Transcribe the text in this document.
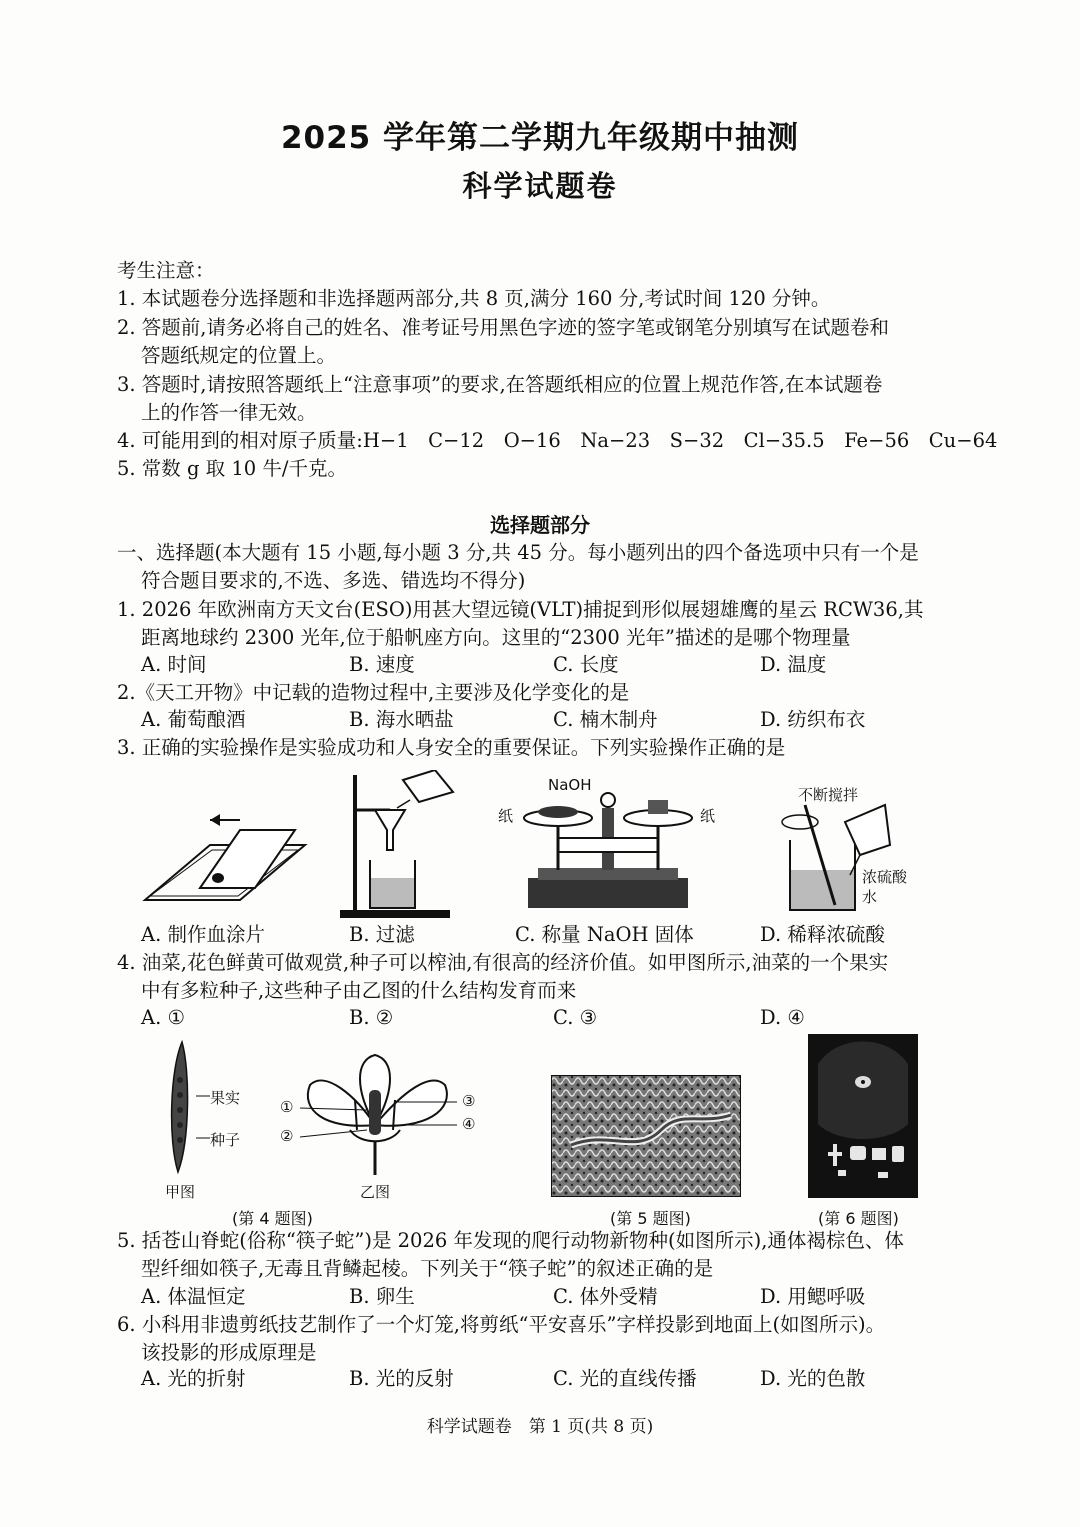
2025 学年第二学期九年级期中抽测
科学试题卷
考生注意：
1. 本试题卷分选择题和非选择题两部分,共 8 页,满分 160 分,考试时间 120 分钟。
2. 答题前,请务必将自己的姓名、准考证号用黑色字迹的签字笔或钢笔分别填写在试题卷和
答题纸规定的位置上。
3. 答题时,请按照答题纸上“注意事项”的要求,在答题纸相应的位置上规范作答,在本试题卷
上的作答一律无效。
4. 可能用到的相对原子质量:H−1　C−12　O−16　Na−23　S−32　Cl−35.5　Fe−56　Cu−64
5. 常数 g 取 10 牛/千克。
选择题部分
一、选择题(本大题有 15 小题,每小题 3 分,共 45 分。每小题列出的四个备选项中只有一个是
符合题目要求的,不选、多选、错选均不得分)
1. 2026 年欧洲南方天文台(ESO)用甚大望远镜(VLT)捕捉到形似展翅雄鹰的星云 RCW36,其
距离地球约 2300 光年,位于船帆座方向。这里的“2300 光年”描述的是哪个物理量
A. 时间	B. 速度	C. 长度	D. 温度
2.《天工开物》中记载的造物过程中,主要涉及化学变化的是
A. 葡萄酿酒	B. 海水晒盐	C. 楠木制舟	D. 纺织布衣
3. 正确的实验操作是实验成功和人身安全的重要保证。下列实验操作正确的是
NaOH
纸	纸
不断搅拌
浓硫酸
水
A. 制作血涂片	B. 过滤	C. 称量 NaOH 固体	D. 稀释浓硫酸
4. 油菜,花色鲜黄可做观赏,种子可以榨油,有很高的经济价值。如甲图所示,油菜的一个果实
中有多粒种子,这些种子由乙图的什么结构发育而来
A. ①	B. ②	C. ③	D. ④
果实
种子
甲图
①
②
③
④
乙图
(第 4 题图)	(第 5 题图)	(第 6 题图)
5. 括苍山脊蛇(俗称“筷子蛇”)是 2026 年发现的爬行动物新物种(如图所示),通体褐棕色、体
型纤细如筷子,无毒且背鳞起棱。下列关于“筷子蛇”的叙述正确的是
A. 体温恒定	B. 卵生	C. 体外受精	D. 用鳃呼吸
6. 小科用非遗剪纸技艺制作了一个灯笼,将剪纸“平安喜乐”字样投影到地面上(如图所示)。
该投影的形成原理是
A. 光的折射	B. 光的反射	C. 光的直线传播	D. 光的色散
科学试题卷　第 1 页(共 8 页)
